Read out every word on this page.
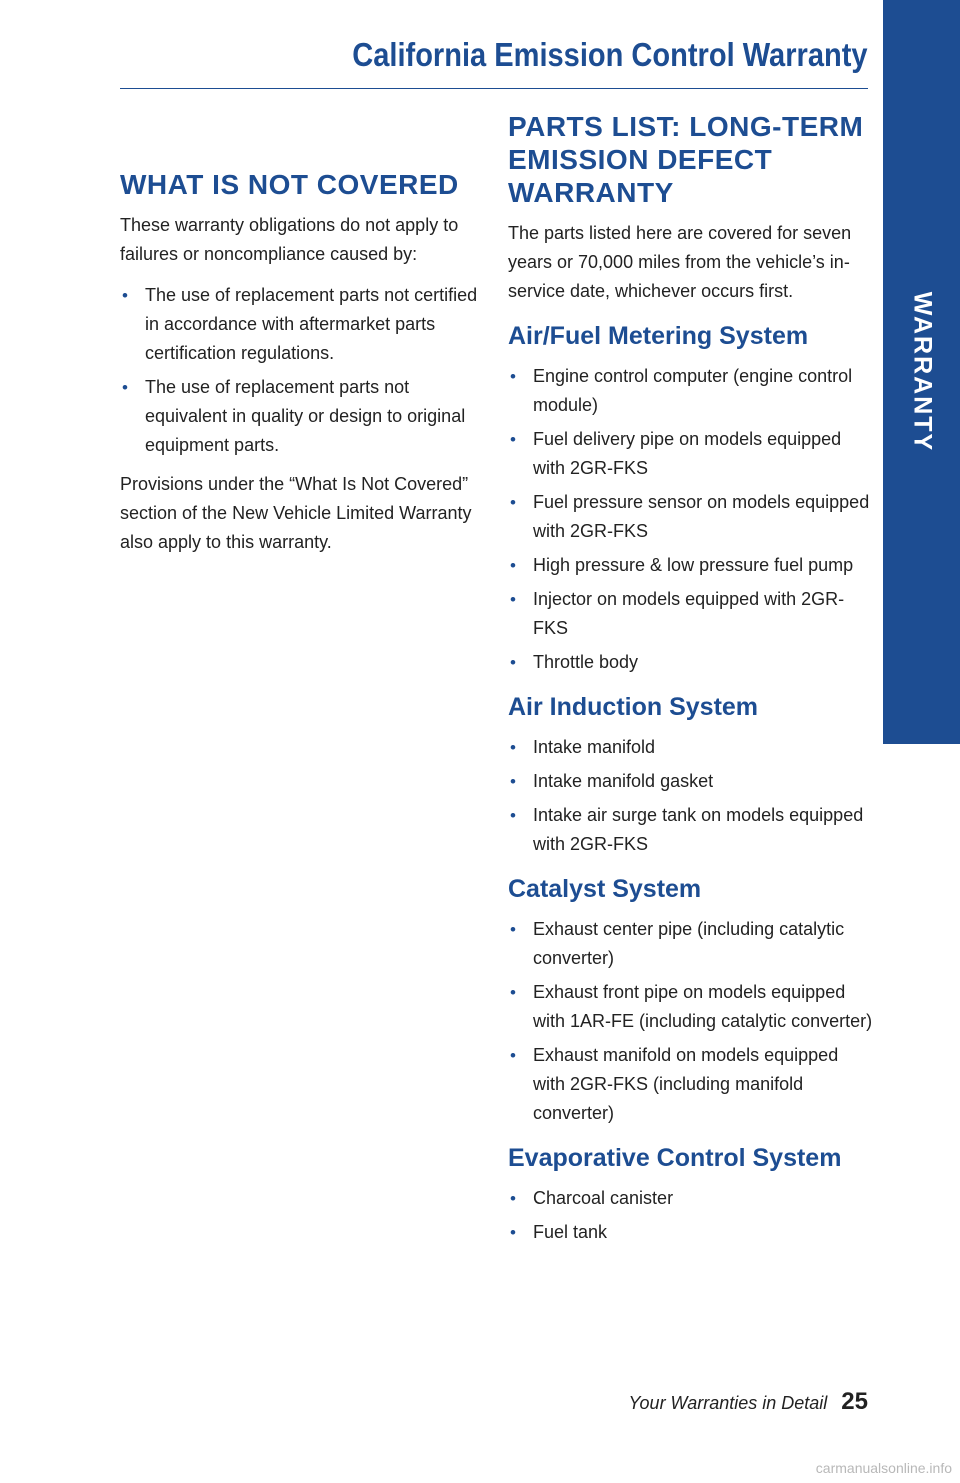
WARRANTY
California Emission Control Warranty
WHAT IS NOT COVERED

These warranty obligations do not apply to failures or noncompliance caused by:

• The use of replacement parts not certified in accordance with aftermarket parts certification regulations.
• The use of replacement parts not equivalent in quality or design to original equipment parts.

Provisions under the “What Is Not Covered” section of the New Vehicle Limited Warranty also apply to this warranty.

PARTS LIST: LONG-TERM EMISSION DEFECT WARRANTY

The parts listed here are covered for seven years or 70,000 miles from the vehicle’s in-service date, whichever occurs first.

Air/Fuel Metering System
• Engine control computer (engine control module)
• Fuel delivery pipe on models equipped with 2GR-FKS
• Fuel pressure sensor on models equipped with 2GR-FKS
• High pressure & low pressure fuel pump
• Injector on models equipped with 2GR-FKS
• Throttle body
Air Induction System
• Intake manifold
• Intake manifold gasket
• Intake air surge tank on models equipped with 2GR-FKS
Catalyst System
• Exhaust center pipe (including catalytic converter)
• Exhaust front pipe on models equipped with 1AR-FE (including catalytic converter)
• Exhaust manifold on models equipped with 2GR-FKS (including manifold converter)
Evaporative Control System
• Charcoal canister
• Fuel tank
Your Warranties in Detail 25
carmanualsonline.info
